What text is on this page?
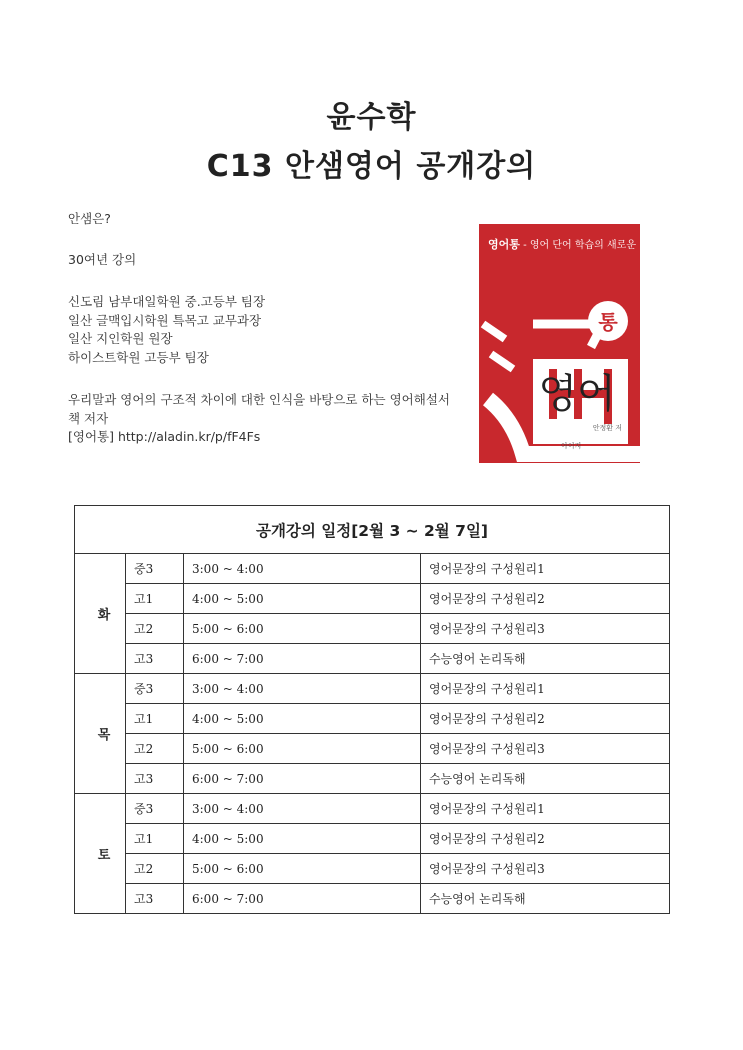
윤수학
C13 안샘영어 공개강의

안샘은?

30여년 강의

신도림 남부대일학원 중.고등부 팀장

일산 글맥입시학원 특목고 교무과장

일산 지인학원 원장

하이스트학원 고등부 팀장

우리말과 영어의 구조적 차이에 대한 인식을 바탕으로 하는 영어해설서

책 저자

[영어통] http://aladin.kr/p/fF4Fs

영어통 - 영어 단어 학습의 새로운 이정표
통
영어
안정환 저
아이지
공개강의 일정[2월 3 ~ 2월 7일]			
화	중3	3:00 ~ 4:00	영어문장의 구성원리1
	고1	4:00 ~ 5:00	영어문장의 구성원리2
	고2	5:00 ~ 6:00	영어문장의 구성원리3
	고3	6:00 ~ 7:00	수능영어 논리독해
목	중3	3:00 ~ 4:00	영어문장의 구성원리1
	고1	4:00 ~ 5:00	영어문장의 구성원리2
	고2	5:00 ~ 6:00	영어문장의 구성원리3
	고3	6:00 ~ 7:00	수능영어 논리독해
토	중3	3:00 ~ 4:00	영어문장의 구성원리1
	고1	4:00 ~ 5:00	영어문장의 구성원리2
	고2	5:00 ~ 6:00	영어문장의 구성원리3
	고3	6:00 ~ 7:00	수능영어 논리독해
